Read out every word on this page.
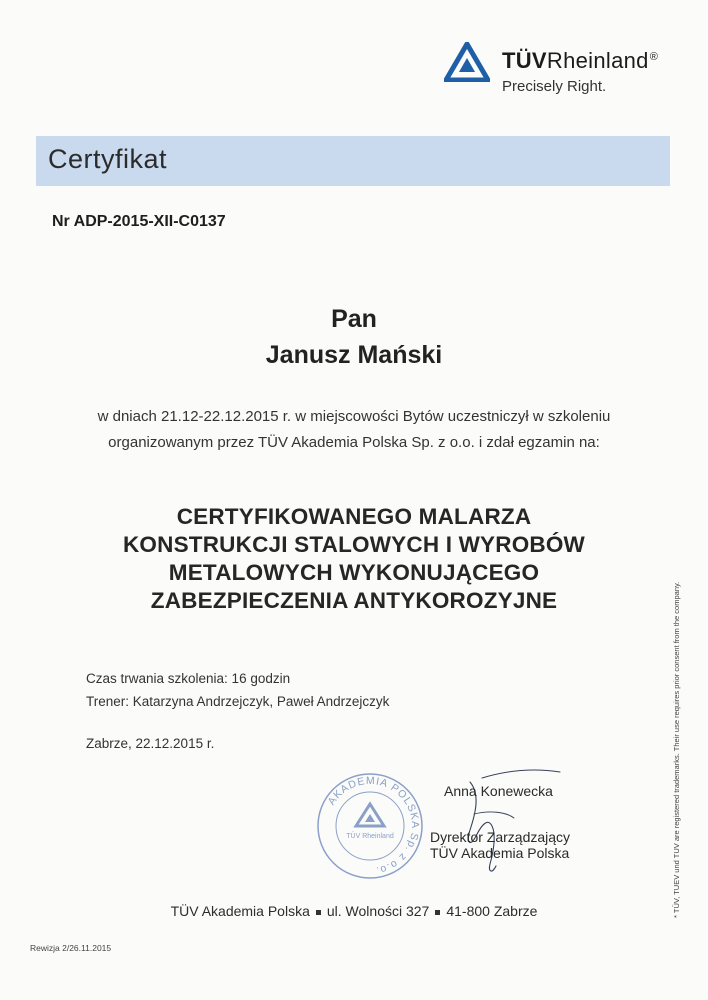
TÜVRheinland®
Precisely Right.
Certyfikat
Nr ADP-2015-XII-C0137
Pan
Janusz Mański
w dniach 21.12-22.12.2015 r. w miejscowości Bytów uczestniczył w szkoleniu
organizowanym przez TÜV Akademia Polska Sp. z o.o. i zdał egzamin na:
CERTYFIKOWANEGO MALARZA
KONSTRUKCJI STALOWYCH I WYROBÓW
METALOWYCH WYKONUJĄCEGO
ZABEZPIECZENIA ANTYKOROZYJNE
Czas trwania szkolenia: 16 godzin
Trener: Katarzyna Andrzejczyk, Paweł Andrzejczyk
Zabrze, 22.12.2015 r.
AKADEMIA POLSKA Sp. z o.o.
TÜV Rheinland
Anna Konewecka
Dyrektor Zarządzający
TÜV Akademia Polska
TÜV Akademia Polska ul. Wolności 327 41-800 Zabrze
Rewizja 2/26.11.2015
* TÜV, TUEV und TUV are registered trademarks. Their use requires prior consent from the company.
